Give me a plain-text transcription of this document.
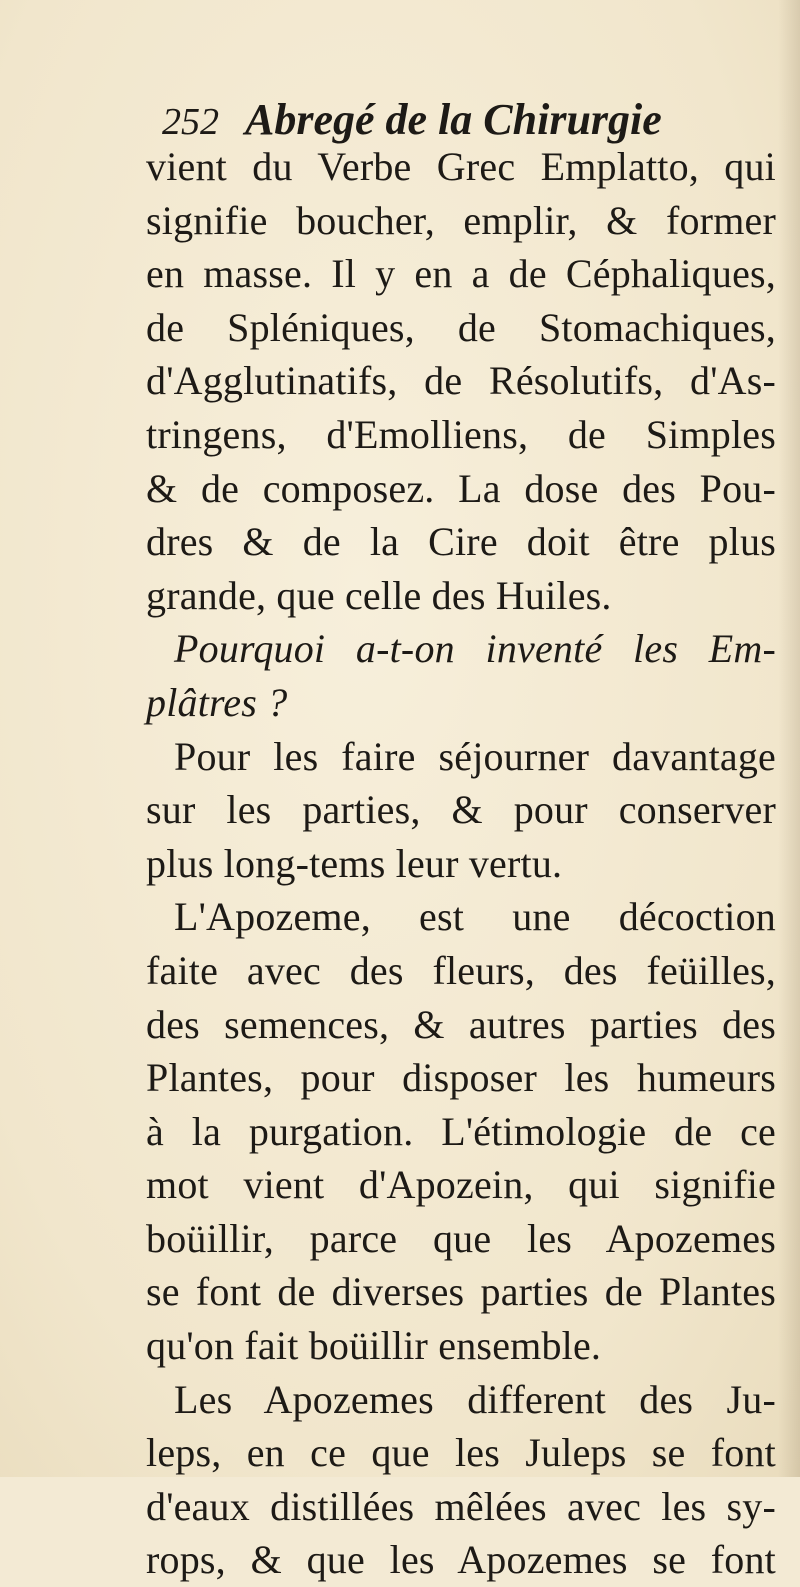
252 Abregé de la Chirurgie
vient du Verbe Grec Emplatto, qui
signifie boucher, emplir, & former
en masse. Il y en a de Céphaliques,
de Spléniques, de Stomachiques,
d'Agglutinatifs, de Résolutifs, d'As-
tringens, d'Emolliens, de Simples
& de composez. La dose des Pou-
dres & de la Cire doit être plus
grande, que celle des Huiles.
Pourquoi a-t-on inventé les Em-
plâtres ?
Pour les faire séjourner davantage
sur les parties, & pour conserver
plus long-tems leur vertu.
L'Apozeme, est une décoction
faite avec des fleurs, des feüilles,
des semences, & autres parties des
Plantes, pour disposer les humeurs
à la purgation. L'étimologie de ce
mot vient d'Apozein, qui signifie
boüillir, parce que les Apozemes
se font de diverses parties de Plantes
qu'on fait boüillir ensemble.
Les Apozemes different des Ju-
leps, en ce que les Juleps se font
d'eaux distillées mêlées avec les sy-
rops, & que les Apozemes se font
